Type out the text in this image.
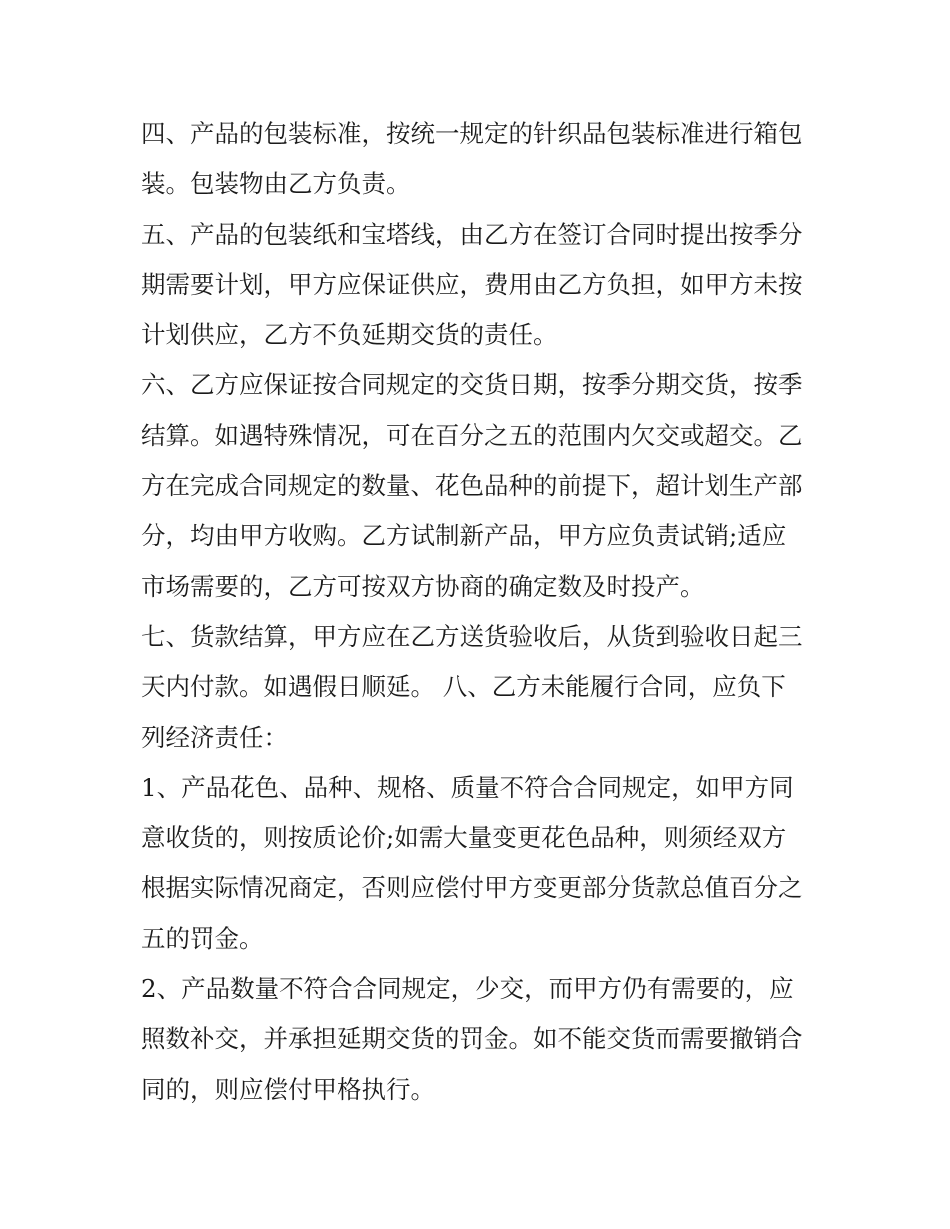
四、产品的包装标准，按统一规定的针织品包装标准进行箱包
装。包装物由乙方负责。
五、产品的包装纸和宝塔线，由乙方在签订合同时提出按季分
期需要计划，甲方应保证供应，费用由乙方负担，如甲方未按
计划供应，乙方不负延期交货的责任。
六、乙方应保证按合同规定的交货日期，按季分期交货，按季
结算。如遇特殊情况，可在百分之五的范围内欠交或超交。乙
方在完成合同规定的数量、花色品种的前提下，超计划生产部
分，均由甲方收购。乙方试制新产品，甲方应负责试销;适应
市场需要的，乙方可按双方协商的确定数及时投产。
七、货款结算，甲方应在乙方送货验收后，从货到验收日起三
天内付款。如遇假日顺延。 八、乙方未能履行合同，应负下
列经济责任：
1、产品花色、品种、规格、质量不符合合同规定，如甲方同
意收货的，则按质论价;如需大量变更花色品种，则须经双方
根据实际情况商定，否则应偿付甲方变更部分货款总值百分之
五的罚金。
2、产品数量不符合合同规定，少交，而甲方仍有需要的，应
照数补交，并承担延期交货的罚金。如不能交货而需要撤销合
同的，则应偿付甲格执行。
